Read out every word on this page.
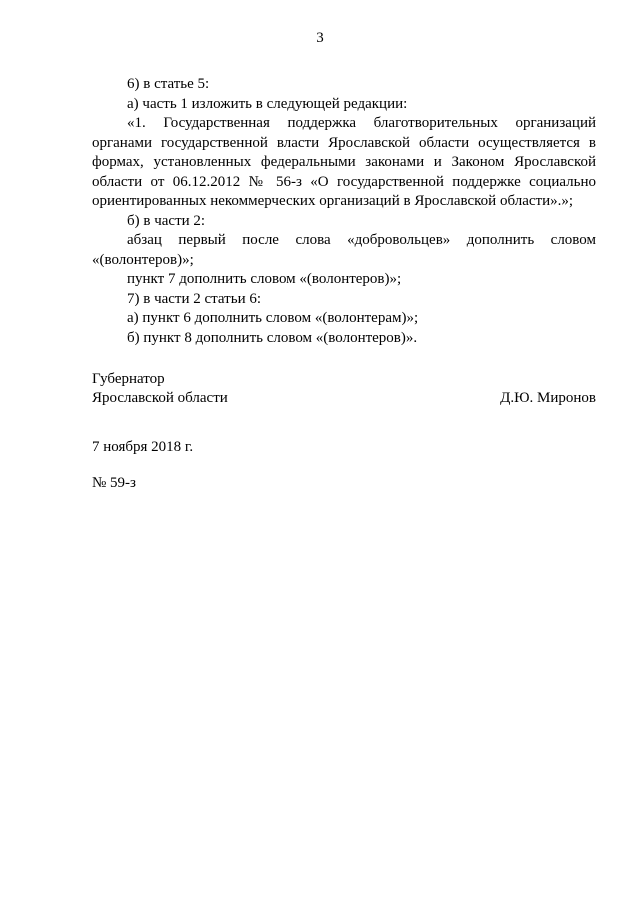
3

6) в статье 5:

а) часть 1 изложить в следующей редакции:

«1. Государственная поддержка благотворительных организаций органами государственной власти Ярославской области осуществляется в формах, установленных федеральными законами и Законом Ярославской области от 06.12.2012 № 56-з «О государственной поддержке социально ориентированных некоммерческих организаций в Ярославской области».»;

б) в части 2:

абзац первый после слова «добровольцев» дополнить словом «(волонтеров)»;

пункт 7 дополнить словом «(волонтеров)»;

7) в части 2 статьи 6:

а) пункт 6 дополнить словом «(волонтерам)»;

б) пункт 8 дополнить словом «(волонтеров)».

Губернатор
Ярославской области	Д.Ю. Миронов
7 ноября 2018 г.
№ 59-з
